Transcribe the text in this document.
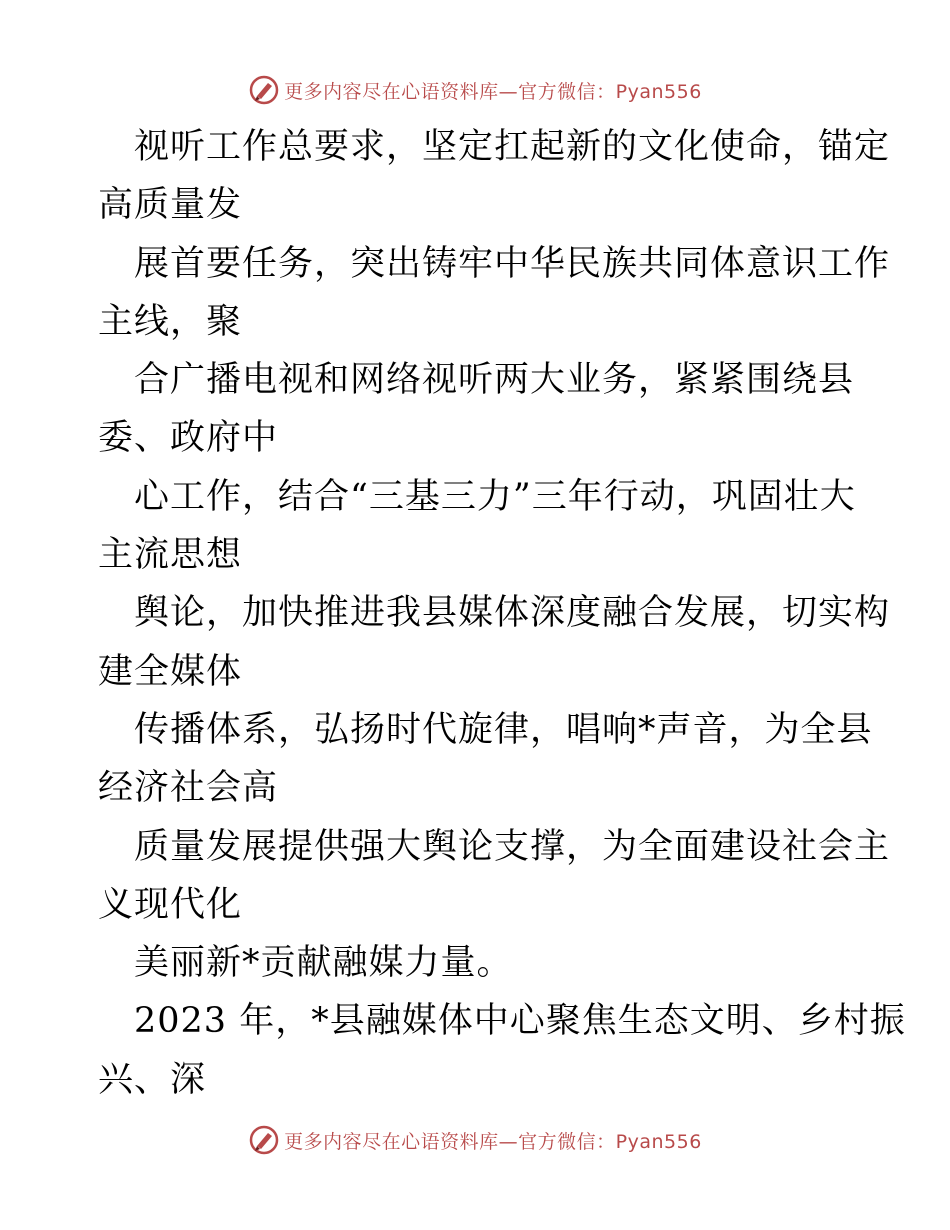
更多内容尽在心语资料库—官方微信：Pyan556
视听工作总要求，坚定扛起新的文化使命，锚定
高质量发
展首要任务，突出铸牢中华民族共同体意识工作
主线，聚
合广播电视和网络视听两大业务，紧紧围绕县
委、政府中
心工作，结合“三基三力”三年行动，巩固壮大
主流思想
舆论，加快推进我县媒体深度融合发展，切实构
建全媒体
传播体系，弘扬时代旋律，唱响*声音，为全县
经济社会高
质量发展提供强大舆论支撑，为全面建设社会主
义现代化
美丽新*贡献融媒力量。
2023 年，*县融媒体中心聚焦生态文明、乡村振
兴、深
更多内容尽在心语资料库—官方微信：Pyan556
